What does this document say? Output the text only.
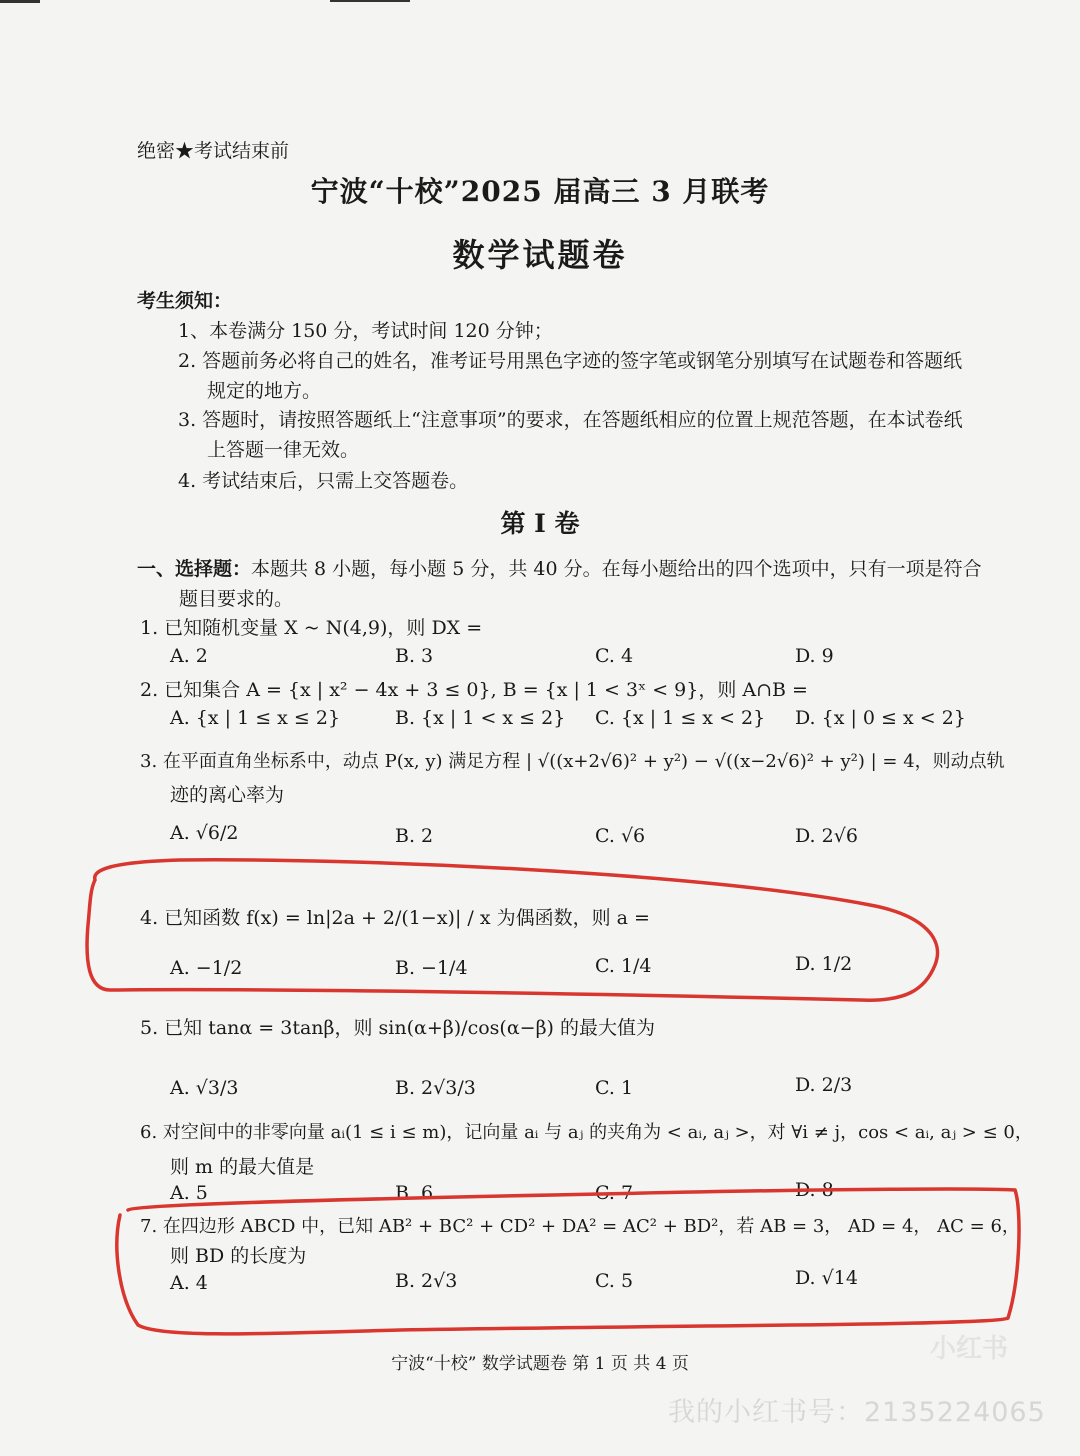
绝密★考试结束前
宁波“十校”2025 届高三 3 月联考
数学试题卷
考生须知：
1、本卷满分 150 分，考试时间 120 分钟；
2. 答题前务必将自己的姓名，准考证号用黑色字迹的签字笔或钢笔分别填写在试题卷和答题纸
规定的地方。
3. 答题时，请按照答题纸上“注意事项”的要求，在答题纸相应的位置上规范答题，在本试卷纸
上答题一律无效。
4. 考试结束后，只需上交答题卷。
第 I 卷
一、选择题：本题共 8 小题，每小题 5 分，共 40 分。在每小题给出的四个选项中，只有一项是符合
题目要求的。
1. 已知随机变量 X ~ N(4,9)，则 DX =
A. 2	B. 3	C. 4	D. 9
2. 已知集合 A = {x | x² − 4x + 3 ≤ 0}, B = {x | 1 < 3ˣ < 9}，则 A∩B =
A. {x | 1 ≤ x ≤ 2}	B. {x | 1 < x ≤ 2} C. {x | 1 ≤ x < 2} D. {x | 0 ≤ x < 2}
3. 在平面直角坐标系中，动点 P(x, y) 满足方程 | √((x+2√6)² + y²) − √((x−2√6)² + y²) | = 4，则动点轨
迹的离心率为
A. √6/2	B. 2	C. √6	D. 2√6
4. 已知函数 f(x) = ln|2a + 2/(1−x)| / x 为偶函数，则 a =
A. −1/2	B. −1/4	C. 1/4	D. 1/2
5. 已知 tanα = 3tanβ，则 sin(α+β)/cos(α−β) 的最大值为
A. √3/3	B. 2√3/3	C. 1	D. 2/3
6. 对空间中的非零向量 aᵢ(1 ≤ i ≤ m)，记向量 aᵢ 与 aⱼ 的夹角为 < aᵢ, aⱼ >，对 ∀i ≠ j，cos < aᵢ, aⱼ > ≤ 0，
则 m 的最大值是
A. 5	B. 6	C. 7	D. 8
7. 在四边形 ABCD 中，已知 AB² + BC² + CD² + DA² = AC² + BD²，若 AB = 3， AD = 4， AC = 6，
则 BD 的长度为
A. 4	B. 2√3	C. 5	D. √14
宁波“十校” 数学试题卷 第 1 页 共 4 页	小红书
我的小红书号：2135224065
